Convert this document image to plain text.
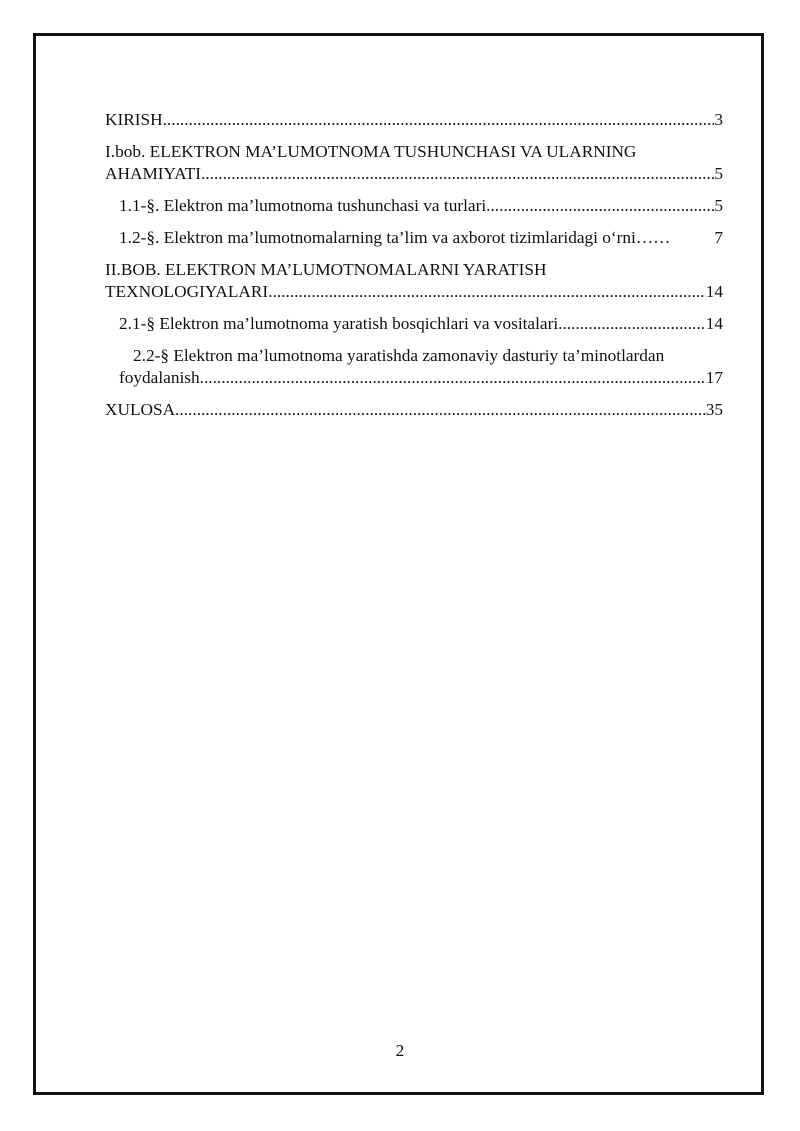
KIRISH .....	3
I.bob. ELEKTRON MA’LUMOTNOMA TUSHUNCHASI VA ULARNING
AHAMIYATI .....	5
1.1-§. Elektron ma’lumotnoma tushunchasi va turlari .....	5
1.2-§. Elektron ma’lumotnomalarning ta’lim va axborot tizimlaridagi o‘rni ……	7
II.BOB. ELEKTRON MA’LUMOTNOMALARNI YARATISH
TEXNOLOGIYALARI .....	14
2.1-§ Elektron ma’lumotnoma yaratish bosqichlari va vositalari .....	14
2.2-§ Elektron ma’lumotnoma yaratishda zamonaviy dasturiy ta’minotlardan
foydalanish .....	17
XULOSA .....	35
2
